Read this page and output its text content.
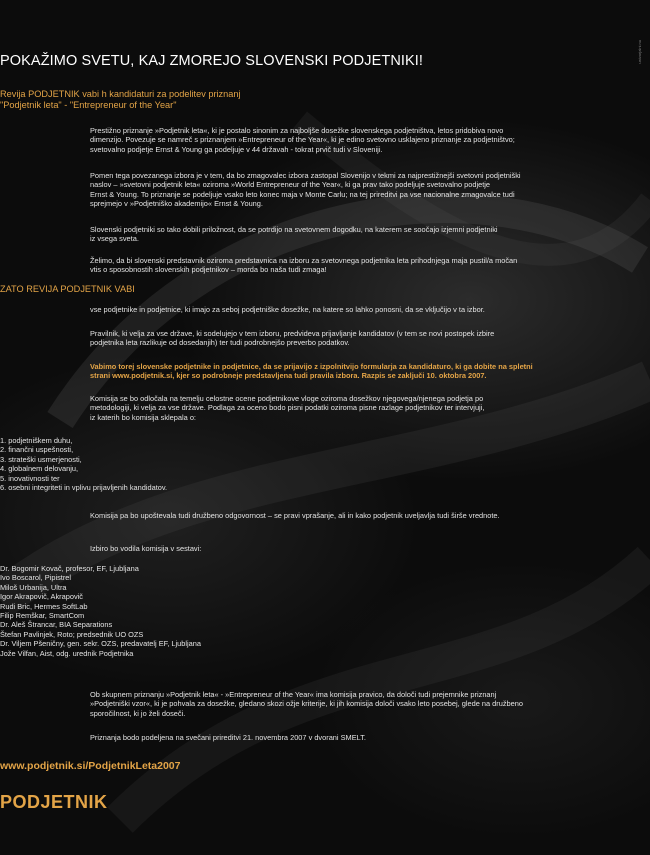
ustvarjalni.nu
POKAŽIMO SVETU, KAJ ZMOREJO SLOVENSKI PODJETNIKI!
Revija PODJETNIK vabi h kandidaturi za podelitev priznanj
"Podjetnik leta" - "Entrepreneur of the Year"
Prestižno priznanje »Podjetnik leta«, ki je postalo sinonim za najboljše dosežke slovenskega podjetništva, letos pridobiva novo
dimenzijo. Povezuje se namreč s priznanjem »Entrepreneur of the Year«, ki je edino svetovno usklajeno priznanje za podjetništvo;
svetovalno podjetje Ernst & Young ga podeljuje v 44 državah - tokrat prvič tudi v Sloveniji.
Pomen tega povezanega izbora je v tem, da bo zmagovalec izbora zastopal Slovenijo v tekmi za najprestižnejši svetovni podjetniški
naslov – »svetovni podjetnik leta« oziroma »World Entrepreneur of the Year«, ki ga prav tako podeljuje svetovalno podjetje
Ernst & Young. To priznanje se podeljuje vsako leto konec maja v Monte Carlu; na tej prireditvi pa vse nacionalne zmagovalce tudi
sprejmejo v »Podjetniško akademijo« Ernst & Young.
Slovenski podjetniki so tako dobili priložnost, da se potrdijo na svetovnem dogodku, na katerem se soočajo izjemni podjetniki
iz vsega sveta.
Želimo, da bi slovenski predstavnik oziroma predstavnica na izboru za svetovnega podjetnika leta prihodnjega maja pustil/a močan
vtis o sposobnostih slovenskih podjetnikov – morda bo naša tudi zmaga!
ZATO REVIJA PODJETNIK VABI
vse podjetnike in podjetnice, ki imajo za seboj podjetniške dosežke, na katere so lahko ponosni, da se vključijo v ta izbor.
Pravilnik, ki velja za vse države, ki sodelujejo v tem izboru, predvideva prijavljanje kandidatov (v tem se novi postopek izbire
podjetnika leta razlikuje od dosedanjih) ter tudi podrobnejšo preverbo podatkov.
Vabimo torej slovenske podjetnike in podjetnice, da se prijavijo z izpolnitvijo formularja za kandidaturo, ki ga dobite na spletni
strani www.podjetnik.si, kjer so podrobneje predstavljena tudi pravila izbora. Razpis se zaključi 10. oktobra 2007.
Komisija se bo odločala na temelju celostne ocene podjetnikove vloge oziroma dosežkov njegovega/njenega podjetja po
metodologiji, ki velja za vse države. Podlaga za oceno bodo pisni podatki oziroma pisne razlage podjetnikov ter intervjuji,
iz katerih bo komisija sklepala o:
1. podjetniškem duhu,
2. finančni uspešnosti,
3. strateški usmerjenosti,
4. globalnem delovanju,
5. inovativnosti ter
6. osebni integriteti in vplivu prijavljenih kandidatov.
Komisija pa bo upoštevala tudi družbeno odgovornost – se pravi vprašanje, ali in kako podjetnik uveljavlja tudi širše vrednote.
Izbiro bo vodila komisija v sestavi:
Dr. Bogomir Kovač, profesor, EF, Ljubljana
Ivo Boscarol, Pipistrel
Miloš Urbanija, Ultra
Igor Akrapovič, Akrapovič
Rudi Bric, Hermes SoftLab
Filip Remškar, SmartCom
Dr. Aleš Štrancar, BIA Separations
Štefan Pavlinjek, Roto; predsednik UO OZS
Dr. Viljem Pšeničny, gen. sekr. OZS, predavatelj EF, Ljubljana
Jože Vilfan, Aist, odg. urednik Podjetnika
Ob skupnem priznanju »Podjetnik leta« - »Entrepreneur of the Year« ima komisija pravico, da določi tudi prejemnike priznanj
»Podjetniški vzor«, ki je pohvala za dosežke, gledano skozi ožje kriterije, ki jih komisija določi vsako leto posebej, glede na družbeno
sporočilnost, ki jo želi doseči.
Priznanja bodo podeljena na svečani prireditvi 21. novembra 2007 v dvorani SMELT.
www.podjetnik.si/PodjetnikLeta2007
PODJETNIK
